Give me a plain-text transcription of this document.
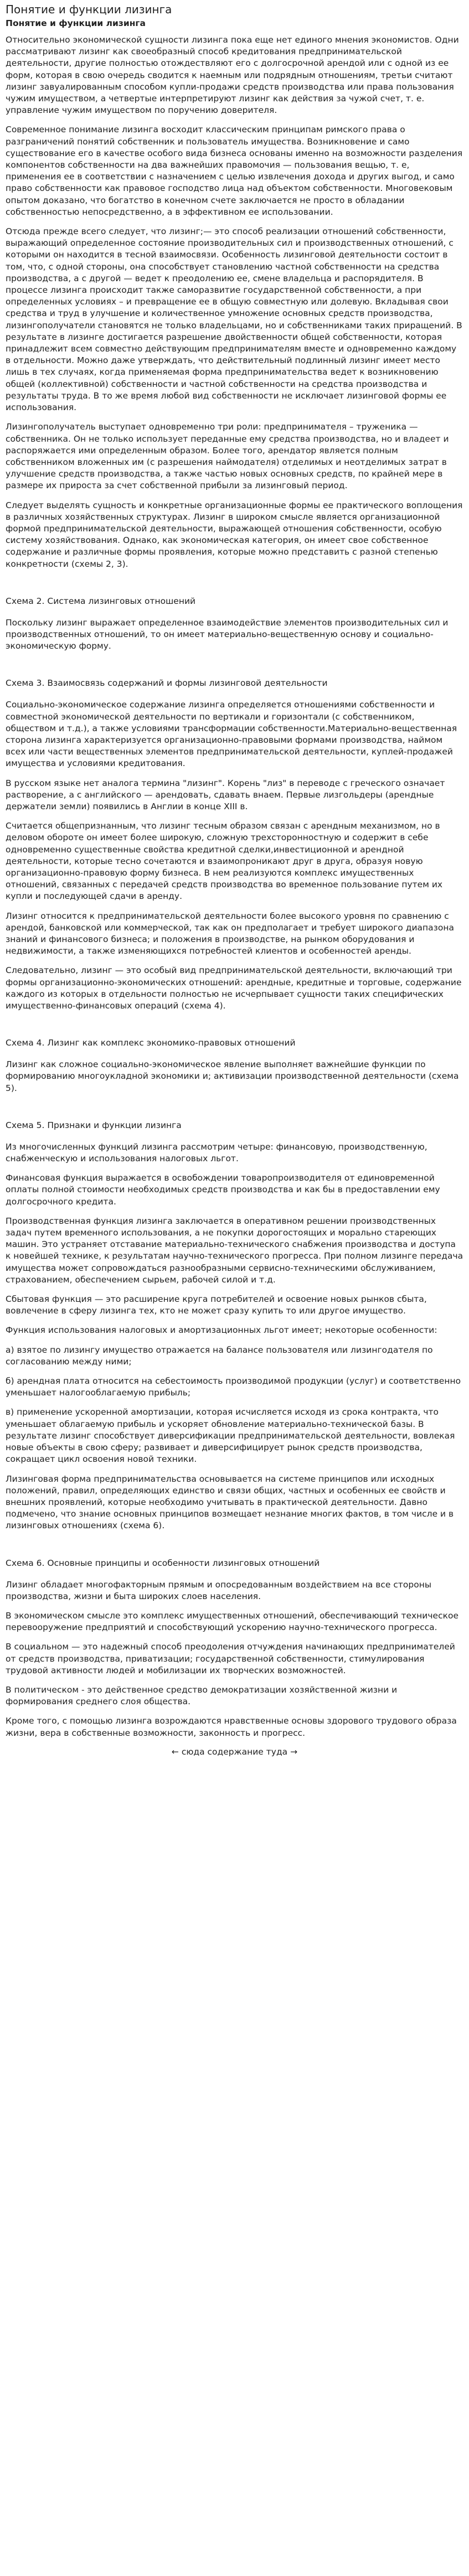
Понятие и функции лизинга
Понятие и функции лизинга

Относительно экономической сущности лизинга пока еще нет единого мнения экономистов. Одни рассматривают лизинг как своеобразный способ кредитования предпринимательской деятельности, другие полностью отождествляют его с долгосрочной арендой или с одной из ее форм, которая в свою очередь сводится к наемным или подрядным отношениям, третьи считают лизинг завуалированным способом купли-продажи средств производства или права пользования чужим имуществом, а четвертые интерпретируют лизинг как действия за чужой счет, т. е. управление чужим имуществом по поручению доверителя.

Современное понимание лизинга восходит классическим принципам римского права о разграничений понятий собственник и пользователь имущества. Возникновение и само существование его в качестве особого вида бизнеса основаны именно на возможности разделения компонентов собственности на два важнейших правомочия — пользования вещью, т. е, применения ее в соответствии с назначением с целью извлечения дохода и других выгод, и само право собственности как правовое господство лица над объектом собственности. Многовековым опытом доказано, что богатство в конечном счете заключается не просто в обладании собственностью непосредственно, а в эффективном ее использовании.

Отсюда прежде всего следует, что лизинг;— это способ реализации отношений собственности, выражающий определенное состояние производительных сил и производственных отношений, с которыми он находится в тесной взаимосвязи. Особенность лизинговой деятельности состоит в том, что, с одной стороны, она способствует становлению частной собственности на средства производства, а с другой — ведет к преодолению ее, смене владельца и распорядителя. В процессе лизинга происходит также саморазвитие государственной собственности, а при определенных условиях – и превращение ее в общую совместную или долевую. Вкладывая свои средства и труд в улучшение и количественное умножение основных средств производства, лизингополучатели становятся не только владельцами, но и собственниками таких приращений. В результате в лизинге достигается разрешение двойственности общей собственности, которая принадлежит всем совместно действующим предпринимателям вместе и одновременно каждому в отдельности. Можно даже утверждать, что действительный подлинный лизинг имеет место лишь в тех случаях, когда применяемая форма предпринимательства ведет к возникновению общей (коллективной) собственности и частной собственности на средства производства и результаты труда. В то же время любой вид собственности не исключает лизинговой формы ее использования.

Лизингополучатель выступает одновременно три роли: предпринимателя – труженика — собственника. Он не только использует переданные ему средства производства, но и владеет и распоряжается ими определенным образом. Более того, арендатор является полным собственником вложенных им (с разрешения наймодателя) отделимых и неотделимых затрат в улучшение средств производства, а также частью новых основных средств, по крайней мере в размере их прироста за счет собственной прибыли за лизинговый период.

Следует выделять сущность и конкретные организационные формы ее практического воплощения в различных хозяйственных структурах. Лизинг в широком смысле является организационной формой предпринимательской деятельности, выражающей отношения собственности, особую систему хозяйствования. Однако, как экономическая категория, он имеет свое собственное содержание и различные формы проявления, которые можно представить с разной степенью конкретности (схемы 2, 3).

Схема 2. Система лизинговых отношений

Поскольку лизинг выражает определенное взаимодействие элементов производительных сил и производственных отношений, то он имеет материально-вещественную основу и социально-экономическую форму.

Схема 3. Взаимосвязь содержаний и формы лизинговой деятельности

Социально-экономическое содержание лизинга определяется отношениями собственности и совместной экономической деятельности по вертикали и горизонтали (с собственником, обществом и т.д.), а также условиями трансформации собственности.Материально-вещественная сторона лизинга характеризуется организационно-правовыми формами производства, наймом всех или части вещественных элементов предпринимательской деятельности, куплей-продажей имущества и условиями кредитования.

В русском языке нет аналога термина "лизинг". Корень "лиз" в переводе с греческого означает растворение, а с английского — арендовать, сдавать внаем. Первые лизгольдеры (арендные держатели земли) появились в Англии в конце XIII в.

Считается общепризнанным, что лизинг тесным образом связан с арендным механизмом, но в деловом обороте он имеет более широкую, сложную трехсторонностную и содержит в себе одновременно существенные свойства кредитной сделки,инвестиционной и арендной деятельности, которые тесно сочетаются и взаимопроникают друг в друга, образуя новую организационно-правовую форму бизнеса. В нем реализуются комплекс имущественных отношений, связанных с передачей средств производства во временное пользование путем их купли и последующей сдачи в аренду.

Лизинг относится к предпринимательской деятельности более высокого уровня по сравнению с арендой, банковской или коммерческой, так как он предполагает и требует широкого диапазона знаний и финансового бизнеса; и положения в производстве, на рынком оборудования и недвижимости, а также изменяющихся потребностей клиентов и особенностей аренды.

Следовательно, лизинг — это особый вид предпринимательской деятельности, включающий три формы организационно-экономических отношений: арендные, кредитные и торговые, содержание каждого из которых в отдельности полностью не исчерпывает сущности таких специфических имущественно-финансовых операций (схема 4).

Схема 4. Лизинг как комплекс экономико-правовых отношений

Лизинг как сложное социально-экономическое явление выполняет важнейшие функции по формированию многоукладной экономики и; активизации производственной деятельности (схема 5).

Схема 5. Признаки и функции лизинга

Из многочисленных функций лизинга рассмотрим четыре: финансовую, производственную, снабженческую и использования налоговых льгот.

Финансовая функция выражается в освобождении товаропроизводителя от единовременной оплаты полной стоимости необходимых средств производства и как бы в предоставлении ему долгосрочного кредита.

Производственная функция лизинга заключается в оперативном решении производственных задач путем временного использования, а не покупки дорогостоящих и морально стареющих машин. Это устраняет отставание материально-технического снабжения производства и доступа к новейшей технике, к результатам научно-технического прогресса. При полном лизинге передача имущества может сопровождаться разнообразными сервисно-техническими обслуживанием, страхованием, обеспечением сырьем, рабочей силой и т.д.

Сбытовая функция — это расширение круга потребителей и освоение новых рынков сбыта, вовлечение в сферу лизинга тех, кто не может сразу купить то или другое имущество.

Функция использования налоговых и амортизационных льгот имеет; некоторые особенности:

а) взятое по лизингу имущество отражается на балансе пользователя или лизингодателя по согласованию между ними;

б) арендная плата относится на себестоимость производимой продукции (услуг) и соответственно уменьшает налогооблагаемую прибыль;

в) применение ускоренной амортизации, которая исчисляется исходя из срока контракта, что уменьшает облагаемую прибыль и ускоряет обновление материально-технической базы. В результате лизинг способствует диверсификации предпринимательской деятельности, вовлекая новые объекты в свою сферу; развивает и диверсифицирует рынок средств производства, сокращает цикл освоения новой техники.

Лизинговая форма предпринимательства основывается на системе принципов или исходных положений, правил, определяющих единство и связи общих, частных и особенных ее свойств и внешних проявлений, которые необходимо учитывать в практической деятельности. Давно подмечено, что знание основных принципов возмещает незнание многих фактов, в том числе и в лизинговых отношениях (схема 6).

Схема 6. Основные принципы и особенности лизинговых отношений

Лизинг обладает многофакторным прямым и опосредованным воздействием на все стороны производства, жизни и быта широких слоев населения.

В экономическом смысле это комплекс имущественных отношений, обеспечивающий техническое перевооружение предприятий и способствующий ускорению научно-технического прогресса.

В социальном — это надежный способ преодоления отчуждения начинающих предпринимателей от средств производства, приватизации; государственной собственности, стимулирования трудовой активности людей и мобилизации их творческих возможностей.

В политическом - это действенное средство демократизации хозяйственной жизни и формирования среднего слоя общества.

Кроме того, с помощью лизинга возрождаются нравственные основы здорового трудового образа жизни, вера в собственные возможности, законность и прогресс.

← сюда содержание туда →
